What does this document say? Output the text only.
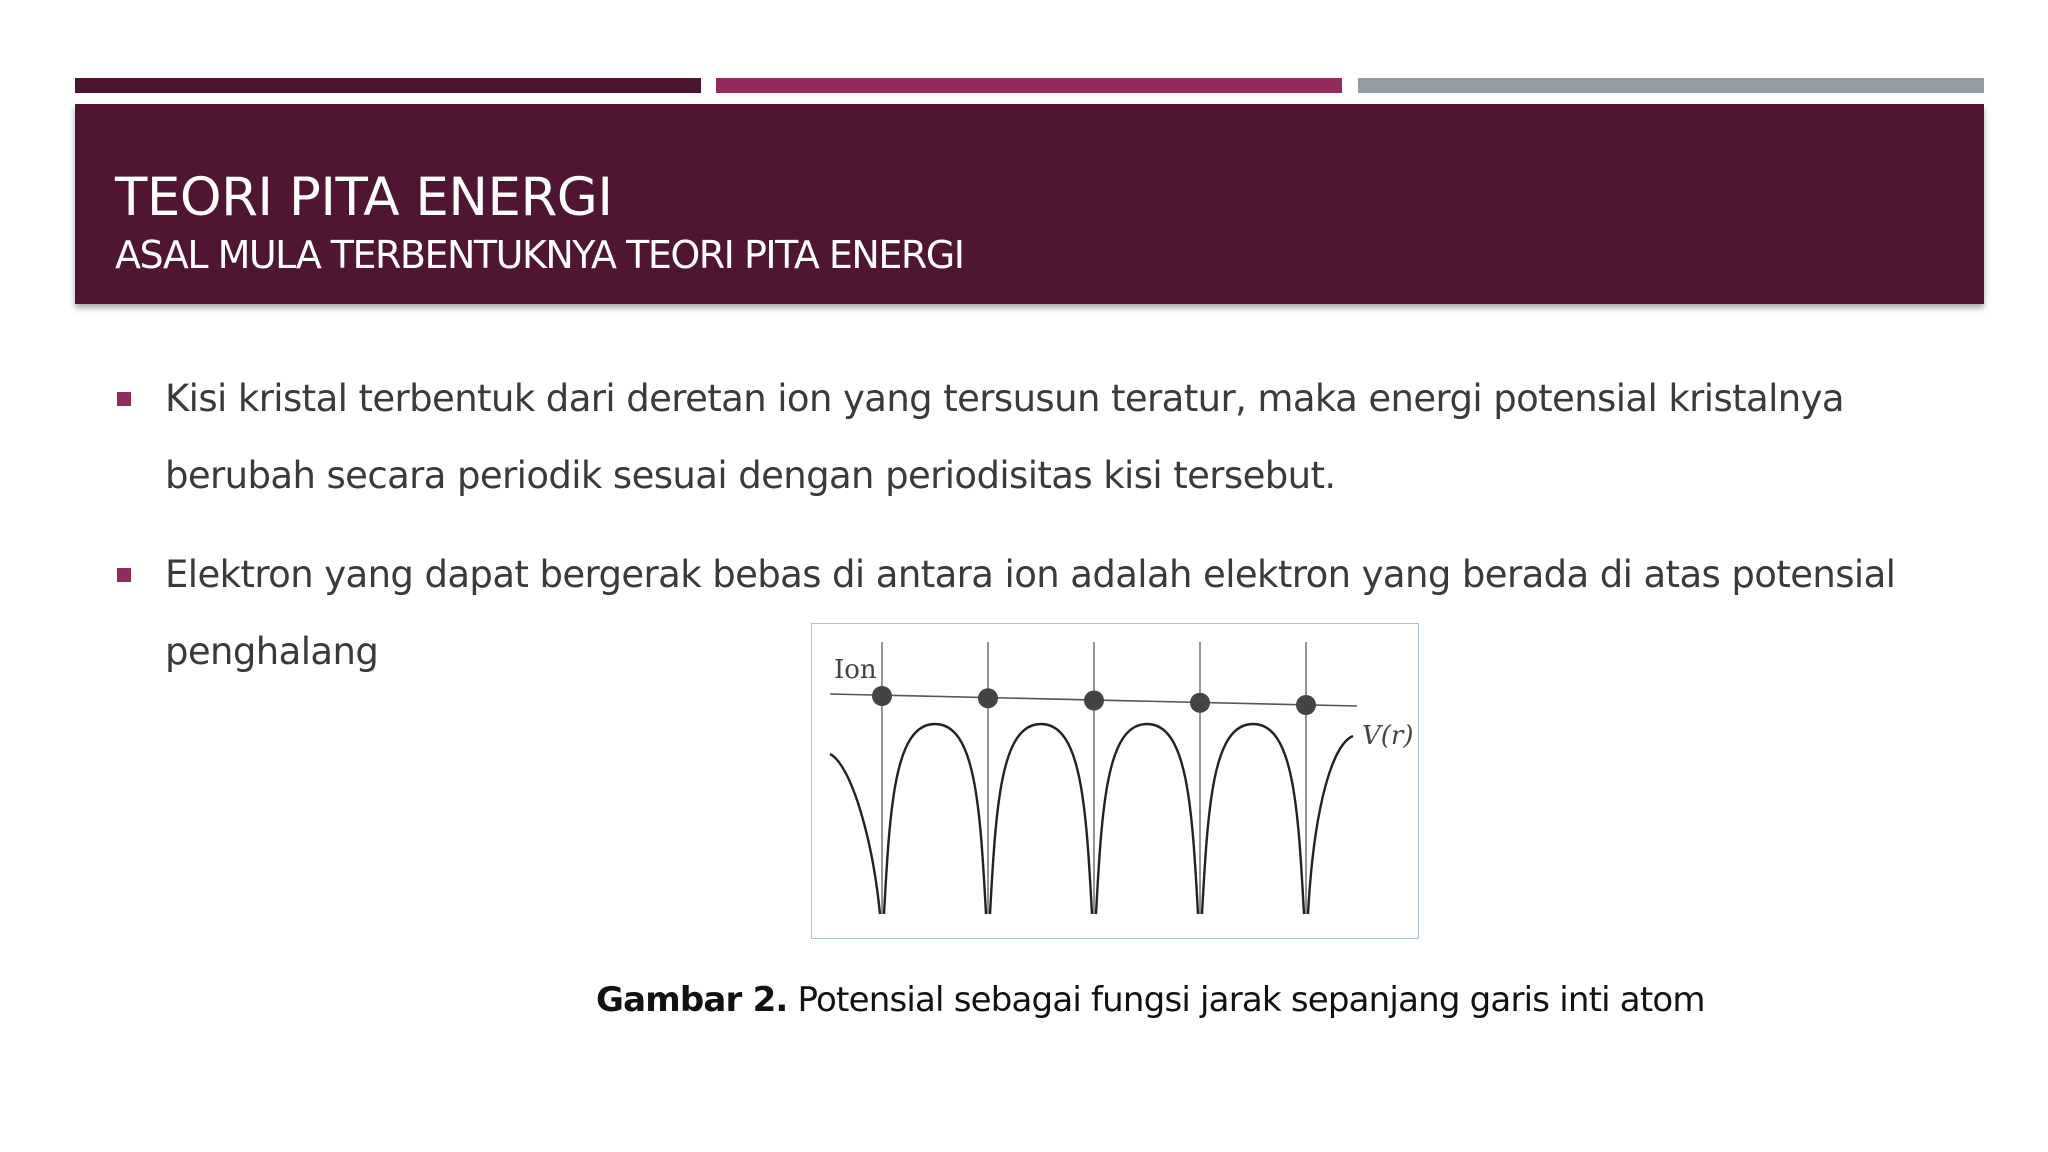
TEORI PITA ENERGI
ASAL MULA TERBENTUKNYA TEORI PITA ENERGI
Kisi kristal terbentuk dari deretan ion yang tersusun teratur, maka energi potensial kristalnya berubah secara periodik sesuai dengan periodisitas kisi tersebut.
Elektron yang dapat bergerak bebas di antara ion adalah elektron yang berada di atas potensial penghalang	Ion
V(r)
Gambar 2. Potensial sebagai fungsi jarak sepanjang garis inti atom
